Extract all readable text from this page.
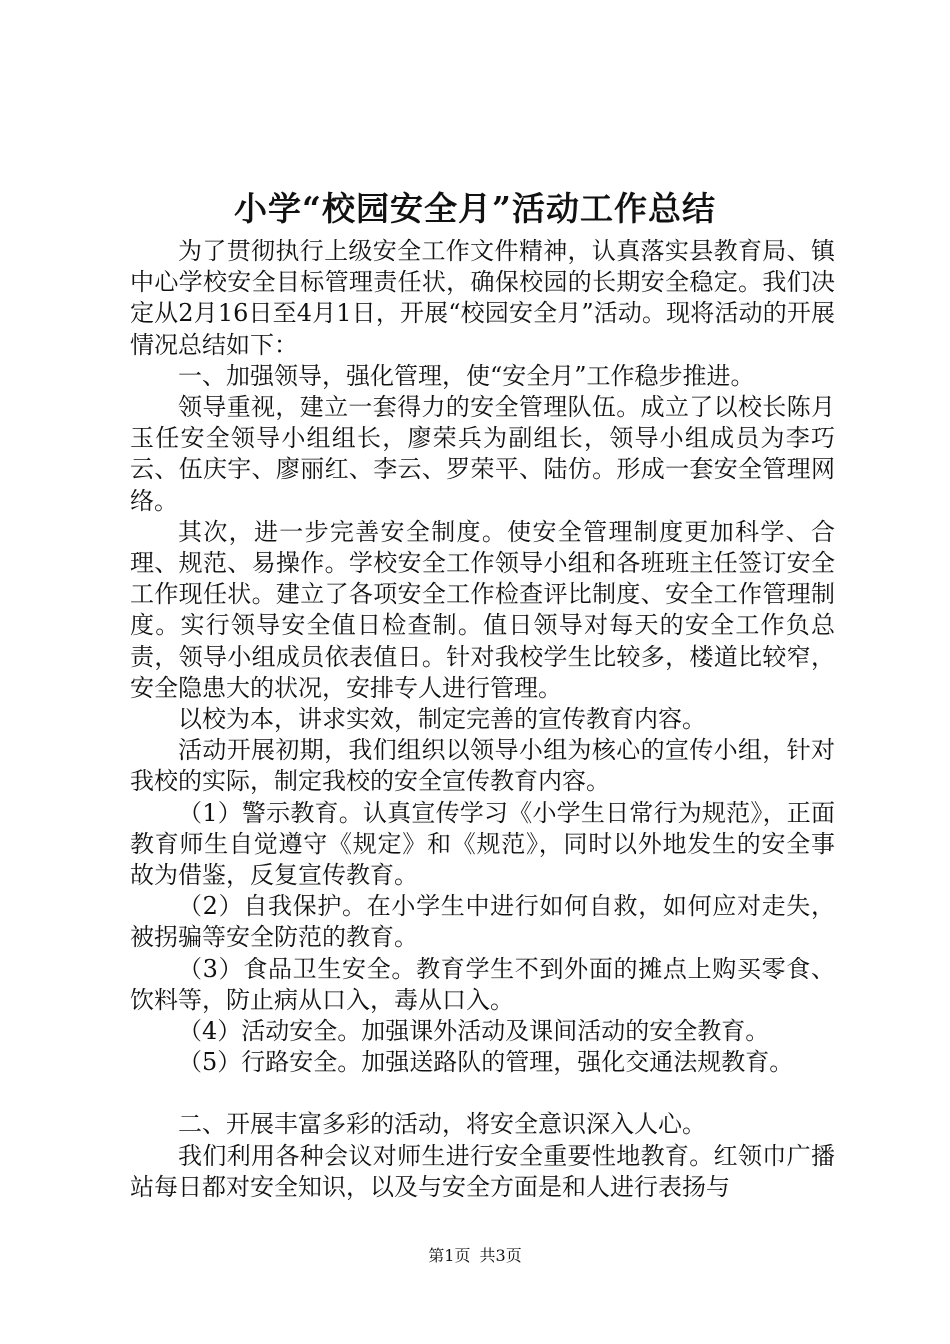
小学“校园安全月”活动工作总结

为了贯彻执行上级安全工作文件精神，认真落实县教育局、镇中心学校安全目标管理责任状，确保校园的长期安全稳定。我们决定从2月16日至4月1日，开展“校园安全月”活动。现将活动的开展情况总结如下：

一、加强领导，强化管理，使“安全月”工作稳步推进。

领导重视，建立一套得力的安全管理队伍。成立了以校长陈月玉任安全领导小组组长，廖荣兵为副组长，领导小组成员为李巧云、伍庆宇、廖丽红、李云、罗荣平、陆仿。形成一套安全管理网络。

其次，进一步完善安全制度。使安全管理制度更加科学、合理、规范、易操作。学校安全工作领导小组和各班班主任签订安全工作现任状。建立了各项安全工作检查评比制度、安全工作管理制度。实行领导安全值日检查制。值日领导对每天的安全工作负总责，领导小组成员依表值日。针对我校学生比较多，楼道比较窄，安全隐患大的状况，安排专人进行管理。

以校为本，讲求实效，制定完善的宣传教育内容。

活动开展初期，我们组织以领导小组为核心的宣传小组，针对我校的实际，制定我校的安全宣传教育内容。

（1）警示教育。认真宣传学习《小学生日常行为规范》，正面教育师生自觉遵守《规定》和《规范》，同时以外地发生的安全事故为借鉴，反复宣传教育。

（2）自我保护。在小学生中进行如何自救，如何应对走失，被拐骗等安全防范的教育。

（3）食品卫生安全。教育学生不到外面的摊点上购买零食、饮料等，防止病从口入，毒从口入。

（4）活动安全。加强课外活动及课间活动的安全教育。

（5）行路安全。加强送路队的管理，强化交通法规教育。

二、开展丰富多彩的活动，将安全意识深入人心。

我们利用各种会议对师生进行安全重要性地教育。红领巾广播站每日都对安全知识，以及与安全方面是和人进行表扬与

第1页 共3页
